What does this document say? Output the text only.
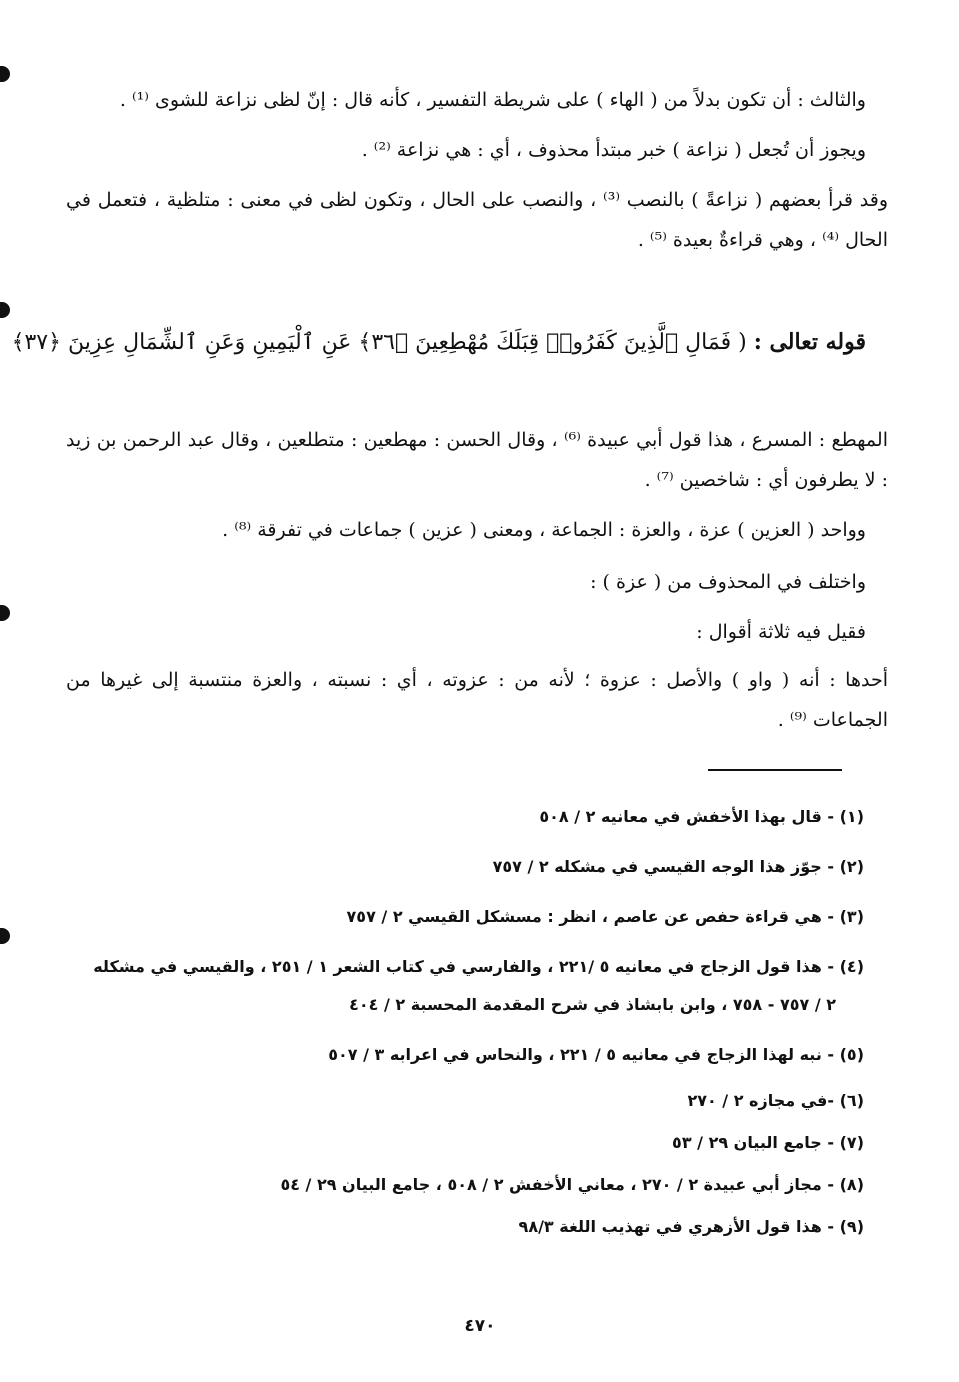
والثالث : أن تكون بدلاً من ( الهاء ) على شريطة التفسير ، كأنه قال : إنّ لظى نزاعة للشوى ⁽¹⁾ .
ويجوز أن تُجعل ( نزاعة ) خبر مبتدأ محذوف ، أي : هي نزاعة ⁽²⁾ .
وقد قرأ بعضهم ( نزاعةً ) بالنصب ⁽³⁾ ، والنصب على الحال ، وتكون لظى في معنى : متلظية ، فتعمل في الحال ⁽⁴⁾ ، وهي قراءةٌ بعيدة ⁽⁵⁾ .
قوله تعالى : ( فَمَالِ ٱلَّذِينَ كَفَرُوا۟ قِبَلَكَ مُهْطِعِينَ ﴿٣٦﴾ عَنِ ٱلْيَمِينِ وَعَنِ ٱلشِّمَالِ عِزِينَ ﴿٣٧﴾
المهطع : المسرع ، هذا قول أبي عبيدة ⁽⁶⁾ ، وقال الحسن : مهطعين : متطلعين ، وقال عبد الرحمن بن زيد : لا يطرفون أي : شاخصين ⁽⁷⁾ .
وواحد ( العزين ) عزة ، والعزة : الجماعة ، ومعنى ( عزين ) جماعات في تفرقة ⁽⁸⁾ .
واختلف في المحذوف من ( عزة ) :
فقيل فيه ثلاثة أقوال :
أحدها : أنه ( واو ) والأصل : عزوة ؛ لأنه من : عزوته ، أي : نسبته ، والعزة منتسبة إلى غيرها من الجماعات ⁽⁹⁾ .
(١) - قال بهذا الأخفش في معانيه ٢ / ٥٠٨
(٢) - جوّز هذا الوجه القيسي في مشكله ٢ / ٧٥٧
(٣) - هي قراءة حفص عن عاصم ، انظر : مسشكل القيسي ٢ / ٧٥٧
(٤) - هذا قول الزجاج في معانيه ٥ /٢٢١ ، والفارسي في كتاب الشعر ١ / ٢٥١ ، والقيسي في مشكله
٢ / ٧٥٧ - ٧٥٨ ، وابن بابشاذ في شرح المقدمة المحسبة ٢ / ٤٠٤
(٥) - نبه لهذا الزجاج في معانيه ٥ / ٢٢١ ، والنحاس في اعرابه ٣ / ٥٠٧
(٦) -في مجازه ٢ / ٢٧٠
(٧) - جامع البيان ٢٩ / ٥٣
(٨) - مجاز أبي عبيدة ٢ / ٢٧٠ ، معاني الأخفش ٢ / ٥٠٨ ، جامع البيان ٢٩ / ٥٤
(٩) - هذا قول الأزهري في تهذيب اللغة ٩٨/٣
٤٧٠
